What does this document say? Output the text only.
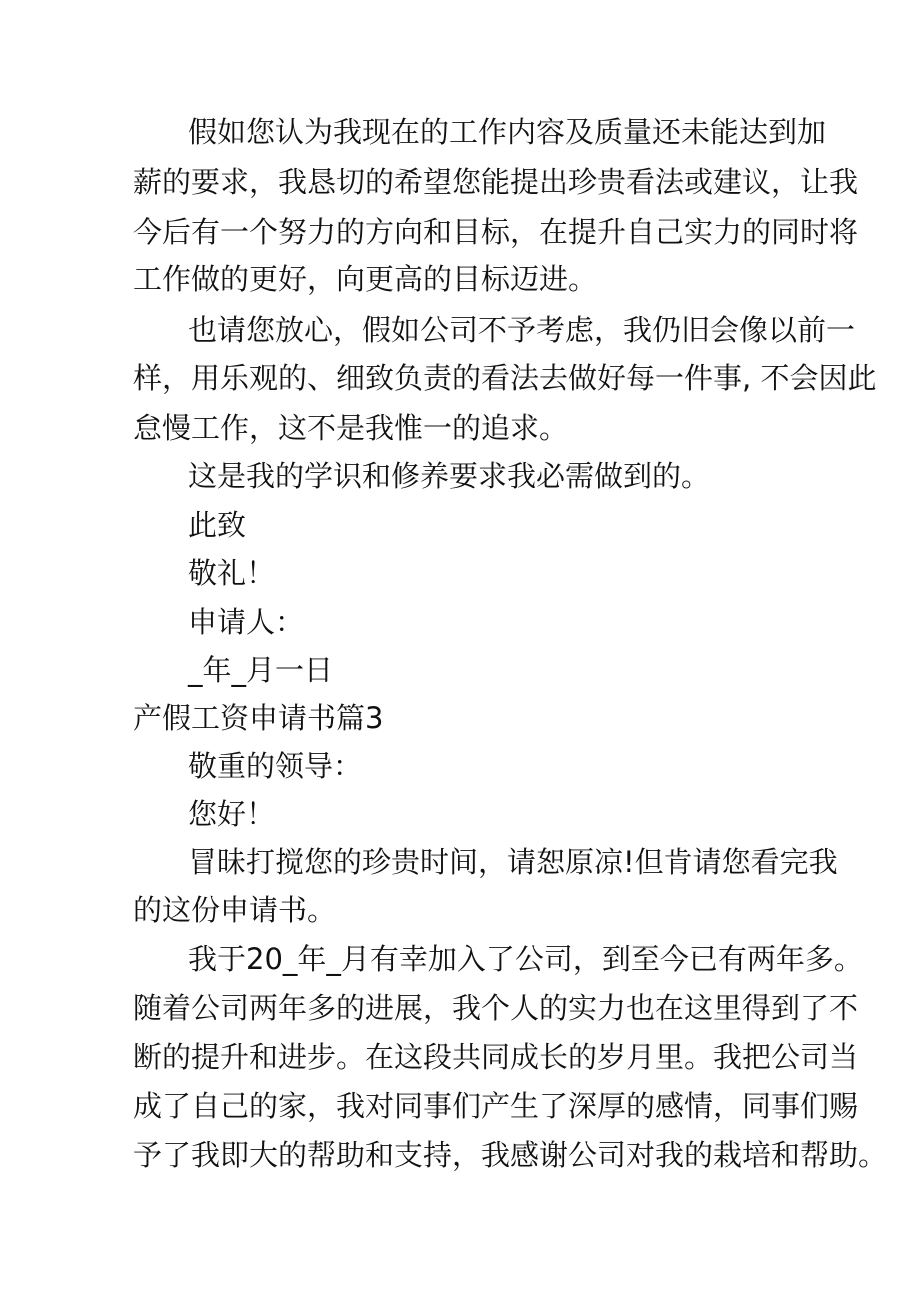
假如您认为我现在的工作内容及质量还未能达到加
薪的要求，我恳切的希望您能提出珍贵看法或建议，让我
今后有一个努力的方向和目标，在提升自己实力的同时将
工作做的更好，向更高的目标迈进。
也请您放心，假如公司不予考虑，我仍旧会像以前一
样，用乐观的、细致负责的看法去做好每一件事, 不会因此
怠慢工作，这不是我惟一的追求。
这是我的学识和修养要求我必需做到的。
此致
敬礼！
申请人：
_年_月一日
产假工资申请书篇3
敬重的领导：
您好！
冒昧打搅您的珍贵时间，请恕原凉!但肯请您看完我
的这份申请书。
我于20_年_月有幸加入了公司，到至今已有两年多。
随着公司两年多的进展，我个人的实力也在这里得到了不
断的提升和进步。在这段共同成长的岁月里。我把公司当
成了自己的家，我对同事们产生了深厚的感情，同事们赐
予了我即大的帮助和支持，我感谢公司对我的栽培和帮助。
